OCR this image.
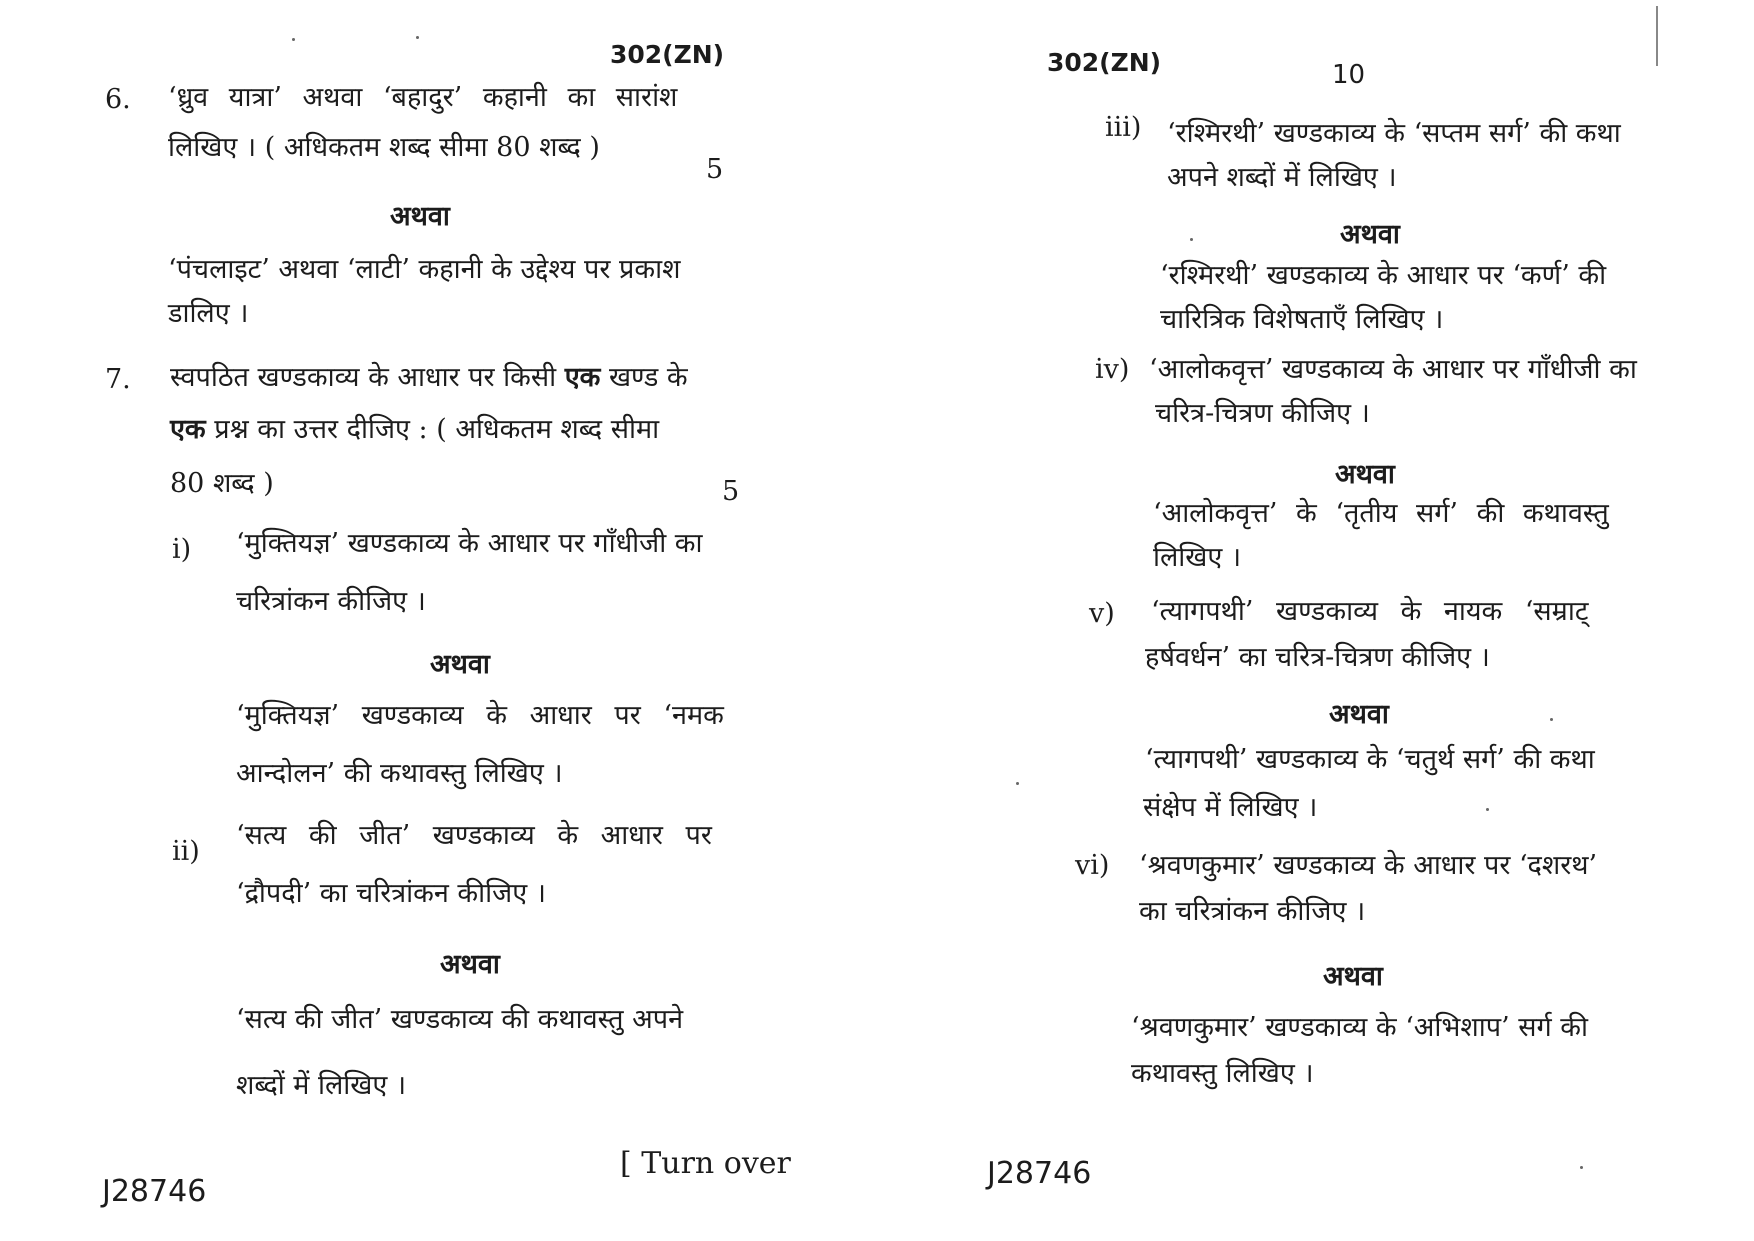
302(ZN)
6. ‘ध्रुव यात्रा’ अथवा ‘बहादुर’ कहानी का सारांश
लिखिए । ( अधिकतम शब्द सीमा 80 शब्द )
5
अथवा
‘पंचलाइट’ अथवा ‘लाटी’ कहानी के उद्देश्य पर प्रकाश
डालिए ।
7. स्वपठित खण्डकाव्य के आधार पर किसी एक खण्ड के
एक प्रश्न का उत्तर दीजिए : ( अधिकतम शब्द सीमा
80 शब्द )	5
i) ‘मुक्तियज्ञ’ खण्डकाव्य के आधार पर गाँधीजी का
चरित्रांकन कीजिए ।
अथवा
‘मुक्तियज्ञ’ खण्डकाव्य के आधार पर ‘नमक
आन्दोलन’ की कथावस्तु लिखिए ।
ii)
‘सत्य की जीत’ खण्डकाव्य के आधार पर
‘द्रौपदी’ का चरित्रांकन कीजिए ।
अथवा
‘सत्य की जीत’ खण्डकाव्य की कथावस्तु अपने
शब्दों में लिखिए ।
J28746
[ Turn over
302(ZN)	10
iii) ‘रश्मिरथी’ खण्डकाव्य के ‘सप्तम सर्ग’ की कथा
अपने शब्दों में लिखिए ।
अथवा
‘रश्मिरथी’ खण्डकाव्य के आधार पर ‘कर्ण’ की
चारित्रिक विशेषताएँ लिखिए ।
iv) ‘आलोकवृत्त’ खण्डकाव्य के आधार पर गाँधीजी का
चरित्र-चित्रण कीजिए ।
अथवा
‘आलोकवृत्त’ के ‘तृतीय सर्ग’ की कथावस्तु
लिखिए ।
v) ‘त्यागपथी’ खण्डकाव्य के नायक ‘सम्राट्
हर्षवर्धन’ का चरित्र-चित्रण कीजिए ।
अथवा
‘त्यागपथी’ खण्डकाव्य के ‘चतुर्थ सर्ग’ की कथा
संक्षेप में लिखिए ।
vi) ‘श्रवणकुमार’ खण्डकाव्य के आधार पर ‘दशरथ’
का चरित्रांकन कीजिए ।
अथवा
‘श्रवणकुमार’ खण्डकाव्य के ‘अभिशाप’ सर्ग की
कथावस्तु लिखिए ।
J28746
